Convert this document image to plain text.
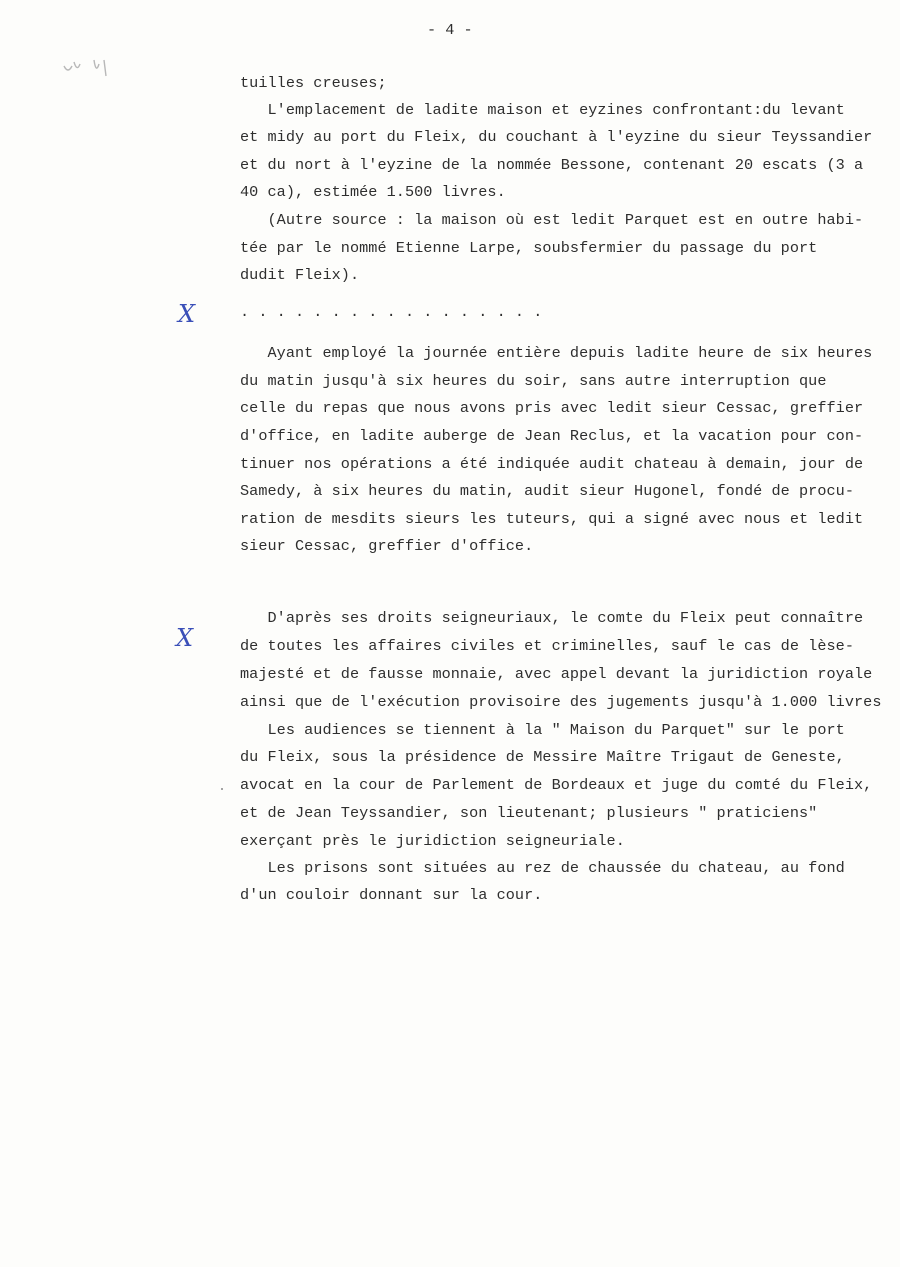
- 4 -
tuilles creuses;
L'emplacement de ladite maison et eyzines confrontant:du levant
et midy au port du Fleix, du couchant à l'eyzine du sieur Teyssandier
et du nort à l'eyzine de la nommée Bessone, contenant 20 escats (3 a
40 ca), estimée 1.500 livres.
(Autre source : la maison où est ledit Parquet est en outre habi-
tée par le nommé Etienne Larpe, soubsfermier du passage du port
dudit Fleix).
X	. . . . . . . . . . . . . . . . .
Ayant employé la journée entière depuis ladite heure de six heures
du matin jusqu'à six heures du soir, sans autre interruption que
celle du repas que nous avons pris avec ledit sieur Cessac, greffier
d'office, en ladite auberge de Jean Reclus, et la vacation pour con-
tinuer nos opérations a été indiquée audit chateau à demain, jour de
Samedy, à six heures du matin, audit sieur Hugonel, fondé de procu-
ration de mesdits sieurs les tuteurs, qui a signé avec nous et ledit
sieur Cessac, greffier d'office.
D'après ses droits seigneuriaux, le comte du Fleix peut connaître
X	de toutes les affaires civiles et criminelles, sauf le cas de lèse-
majesté et de fausse monnaie, avec appel devant la juridiction royale
ainsi que de l'exécution provisoire des jugements jusqu'à 1.000 livres
Les audiences se tiennent à la " Maison du Parquet" sur le port
du Fleix, sous la présidence de Messire Maître Trigaut de Geneste,
avocat en la cour de Parlement de Bordeaux et juge du comté du Fleix,
et de Jean Teyssandier, son lieutenant; plusieurs " praticiens"
exerçant près le juridiction seigneuriale.
Les prisons sont situées au rez de chaussée du chateau, au fond
d'un couloir donnant sur la cour.
